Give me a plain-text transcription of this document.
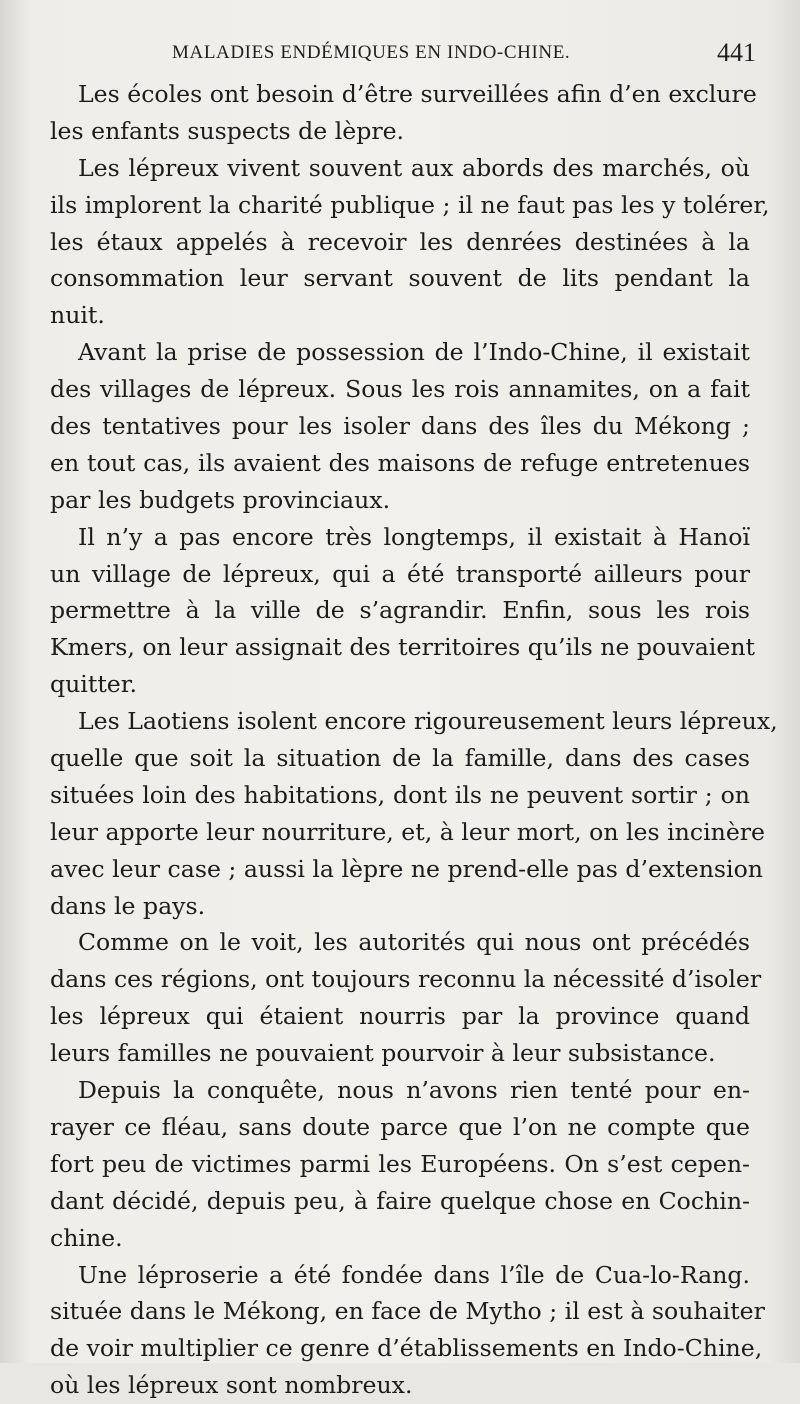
MALADIES ENDÉMIQUES EN INDO-CHINE.	441
Les écoles ont besoin d’être surveillées afin d’en exclure
les enfants suspects de lèpre.
Les lépreux vivent souvent aux abords des marchés, où
ils implorent la charité publique ; il ne faut pas les y tolérer,
les étaux appelés à recevoir les denrées destinées à la
consommation leur servant souvent de lits pendant la
nuit.
Avant la prise de possession de l’Indo-Chine, il existait
des villages de lépreux. Sous les rois annamites, on a fait
des tentatives pour les isoler dans des îles du Mékong ;
en tout cas, ils avaient des maisons de refuge entretenues
par les budgets provinciaux.
Il n’y a pas encore très longtemps, il existait à Hanoï
un village de lépreux, qui a été transporté ailleurs pour
permettre à la ville de s’agrandir. Enfin, sous les rois
Kmers, on leur assignait des territoires qu’ils ne pouvaient
quitter.
Les Laotiens isolent encore rigoureusement leurs lépreux,
quelle que soit la situation de la famille, dans des cases
situées loin des habitations, dont ils ne peuvent sortir ; on
leur apporte leur nourriture, et, à leur mort, on les incinère
avec leur case ; aussi la lèpre ne prend-elle pas d’extension
dans le pays.
Comme on le voit, les autorités qui nous ont précédés
dans ces régions, ont toujours reconnu la nécessité d’isoler
les lépreux qui étaient nourris par la province quand
leurs familles ne pouvaient pourvoir à leur subsistance.
Depuis la conquête, nous n’avons rien tenté pour en-
rayer ce fléau, sans doute parce que l’on ne compte que
fort peu de victimes parmi les Européens. On s’est cepen-
dant décidé, depuis peu, à faire quelque chose en Cochin-
chine.
Une léproserie a été fondée dans l’île de Cua-lo-Rang.
située dans le Mékong, en face de Mytho ; il est à souhaiter
de voir multiplier ce genre d’établissements en Indo-Chine,
où les lépreux sont nombreux.
